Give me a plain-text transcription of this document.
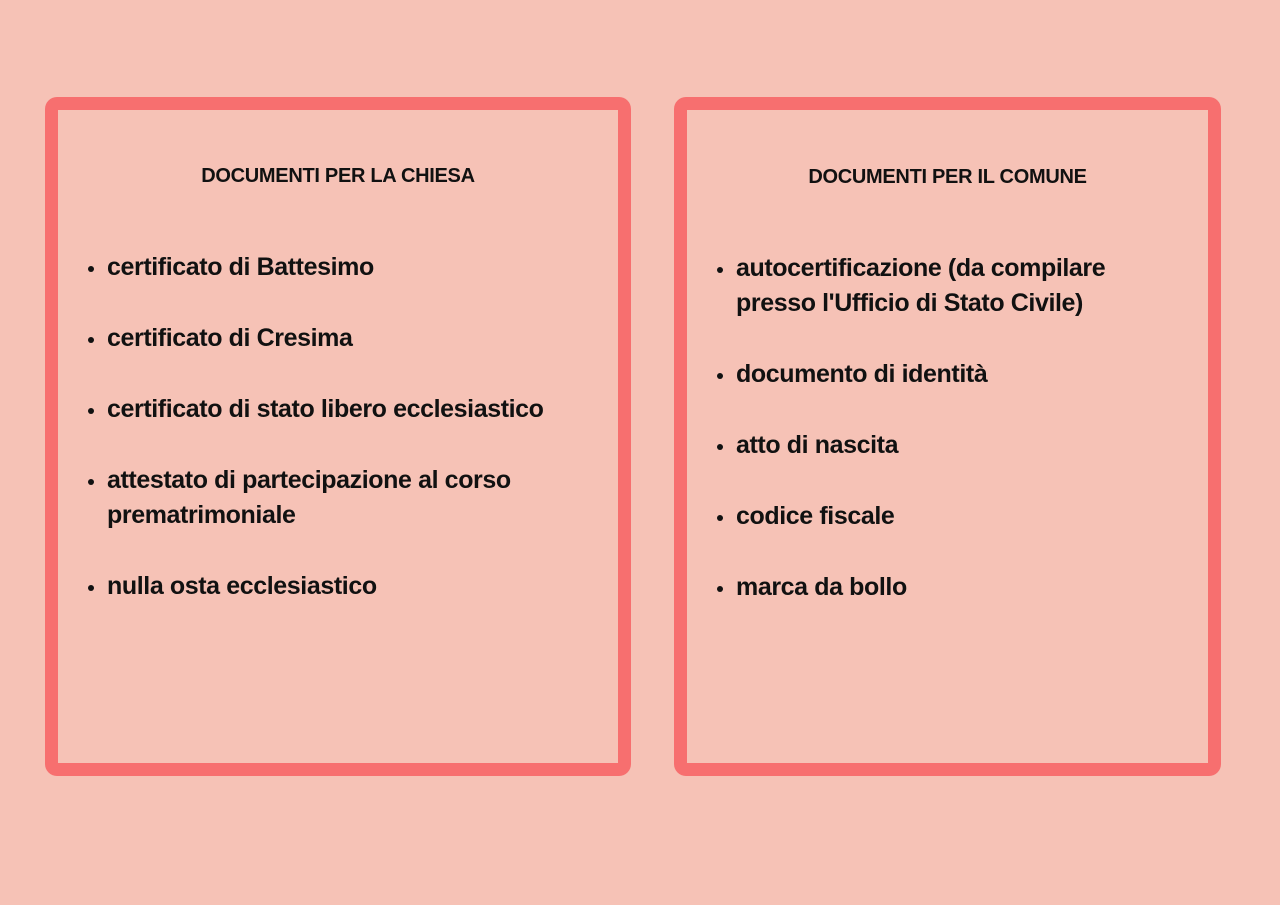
DOCUMENTI PER LA CHIESA
certificato di Battesimo
certificato di Cresima
certificato di stato libero ecclesiastico
attestato di partecipazione al corso prematrimoniale
nulla osta ecclesiastico
DOCUMENTI PER IL COMUNE
autocertificazione (da compilare presso l'Ufficio di Stato Civile)
documento di identità
atto di nascita
codice fiscale
marca da bollo
